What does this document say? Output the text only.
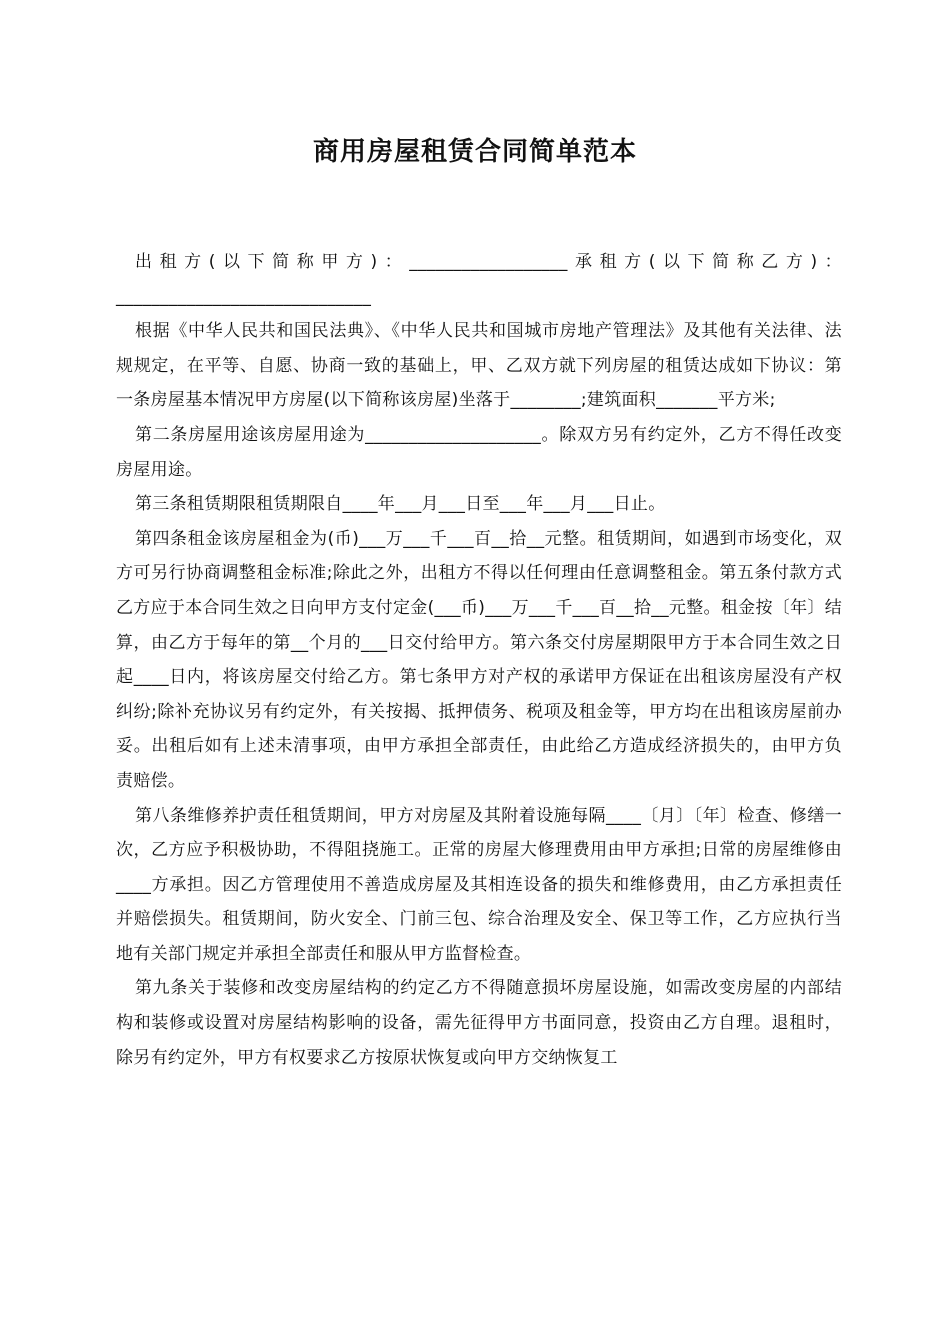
商用房屋租赁合同简单范本

出租方(以下简称甲方)：__________________承租方(以下简称乙方)：_____________________________

根据《中华人民共和国民法典》、《中华人民共和国城市房地产管理法》及其他有关法律、法规规定，在平等、自愿、协商一致的基础上，甲、乙双方就下列房屋的租赁达成如下协议：第一条房屋基本情况甲方房屋(以下简称该房屋)坐落于________;建筑面积_______平方米;

第二条房屋用途该房屋用途为____________________。除双方另有约定外，乙方不得任改变房屋用途。

第三条租赁期限租赁期限自____年___月___日至___年___月___日止。

第四条租金该房屋租金为(币)___万___千___百__拾__元整。租赁期间，如遇到市场变化，双方可另行协商调整租金标准;除此之外，出租方不得以任何理由任意调整租金。第五条付款方式乙方应于本合同生效之日向甲方支付定金(___币)___万___千___百__拾__元整。租金按〔年〕结算，由乙方于每年的第__个月的___日交付给甲方。第六条交付房屋期限甲方于本合同生效之日起____日内，将该房屋交付给乙方。第七条甲方对产权的承诺甲方保证在出租该房屋没有产权纠纷;除补充协议另有约定外，有关按揭、抵押债务、税项及租金等，甲方均在出租该房屋前办妥。出租后如有上述未清事项，由甲方承担全部责任，由此给乙方造成经济损失的，由甲方负责赔偿。

第八条维修养护责任租赁期间，甲方对房屋及其附着设施每隔____〔月〕〔年〕检查、修缮一次，乙方应予积极协助，不得阻挠施工。正常的房屋大修理费用由甲方承担;日常的房屋维修由____方承担。因乙方管理使用不善造成房屋及其相连设备的损失和维修费用，由乙方承担责任并赔偿损失。租赁期间，防火安全、门前三包、综合治理及安全、保卫等工作，乙方应执行当地有关部门规定并承担全部责任和服从甲方监督检查。

第九条关于装修和改变房屋结构的约定乙方不得随意损坏房屋设施，如需改变房屋的内部结构和装修或设置对房屋结构影响的设备，需先征得甲方书面同意，投资由乙方自理。退租时，除另有约定外，甲方有权要求乙方按原状恢复或向甲方交纳恢复工
